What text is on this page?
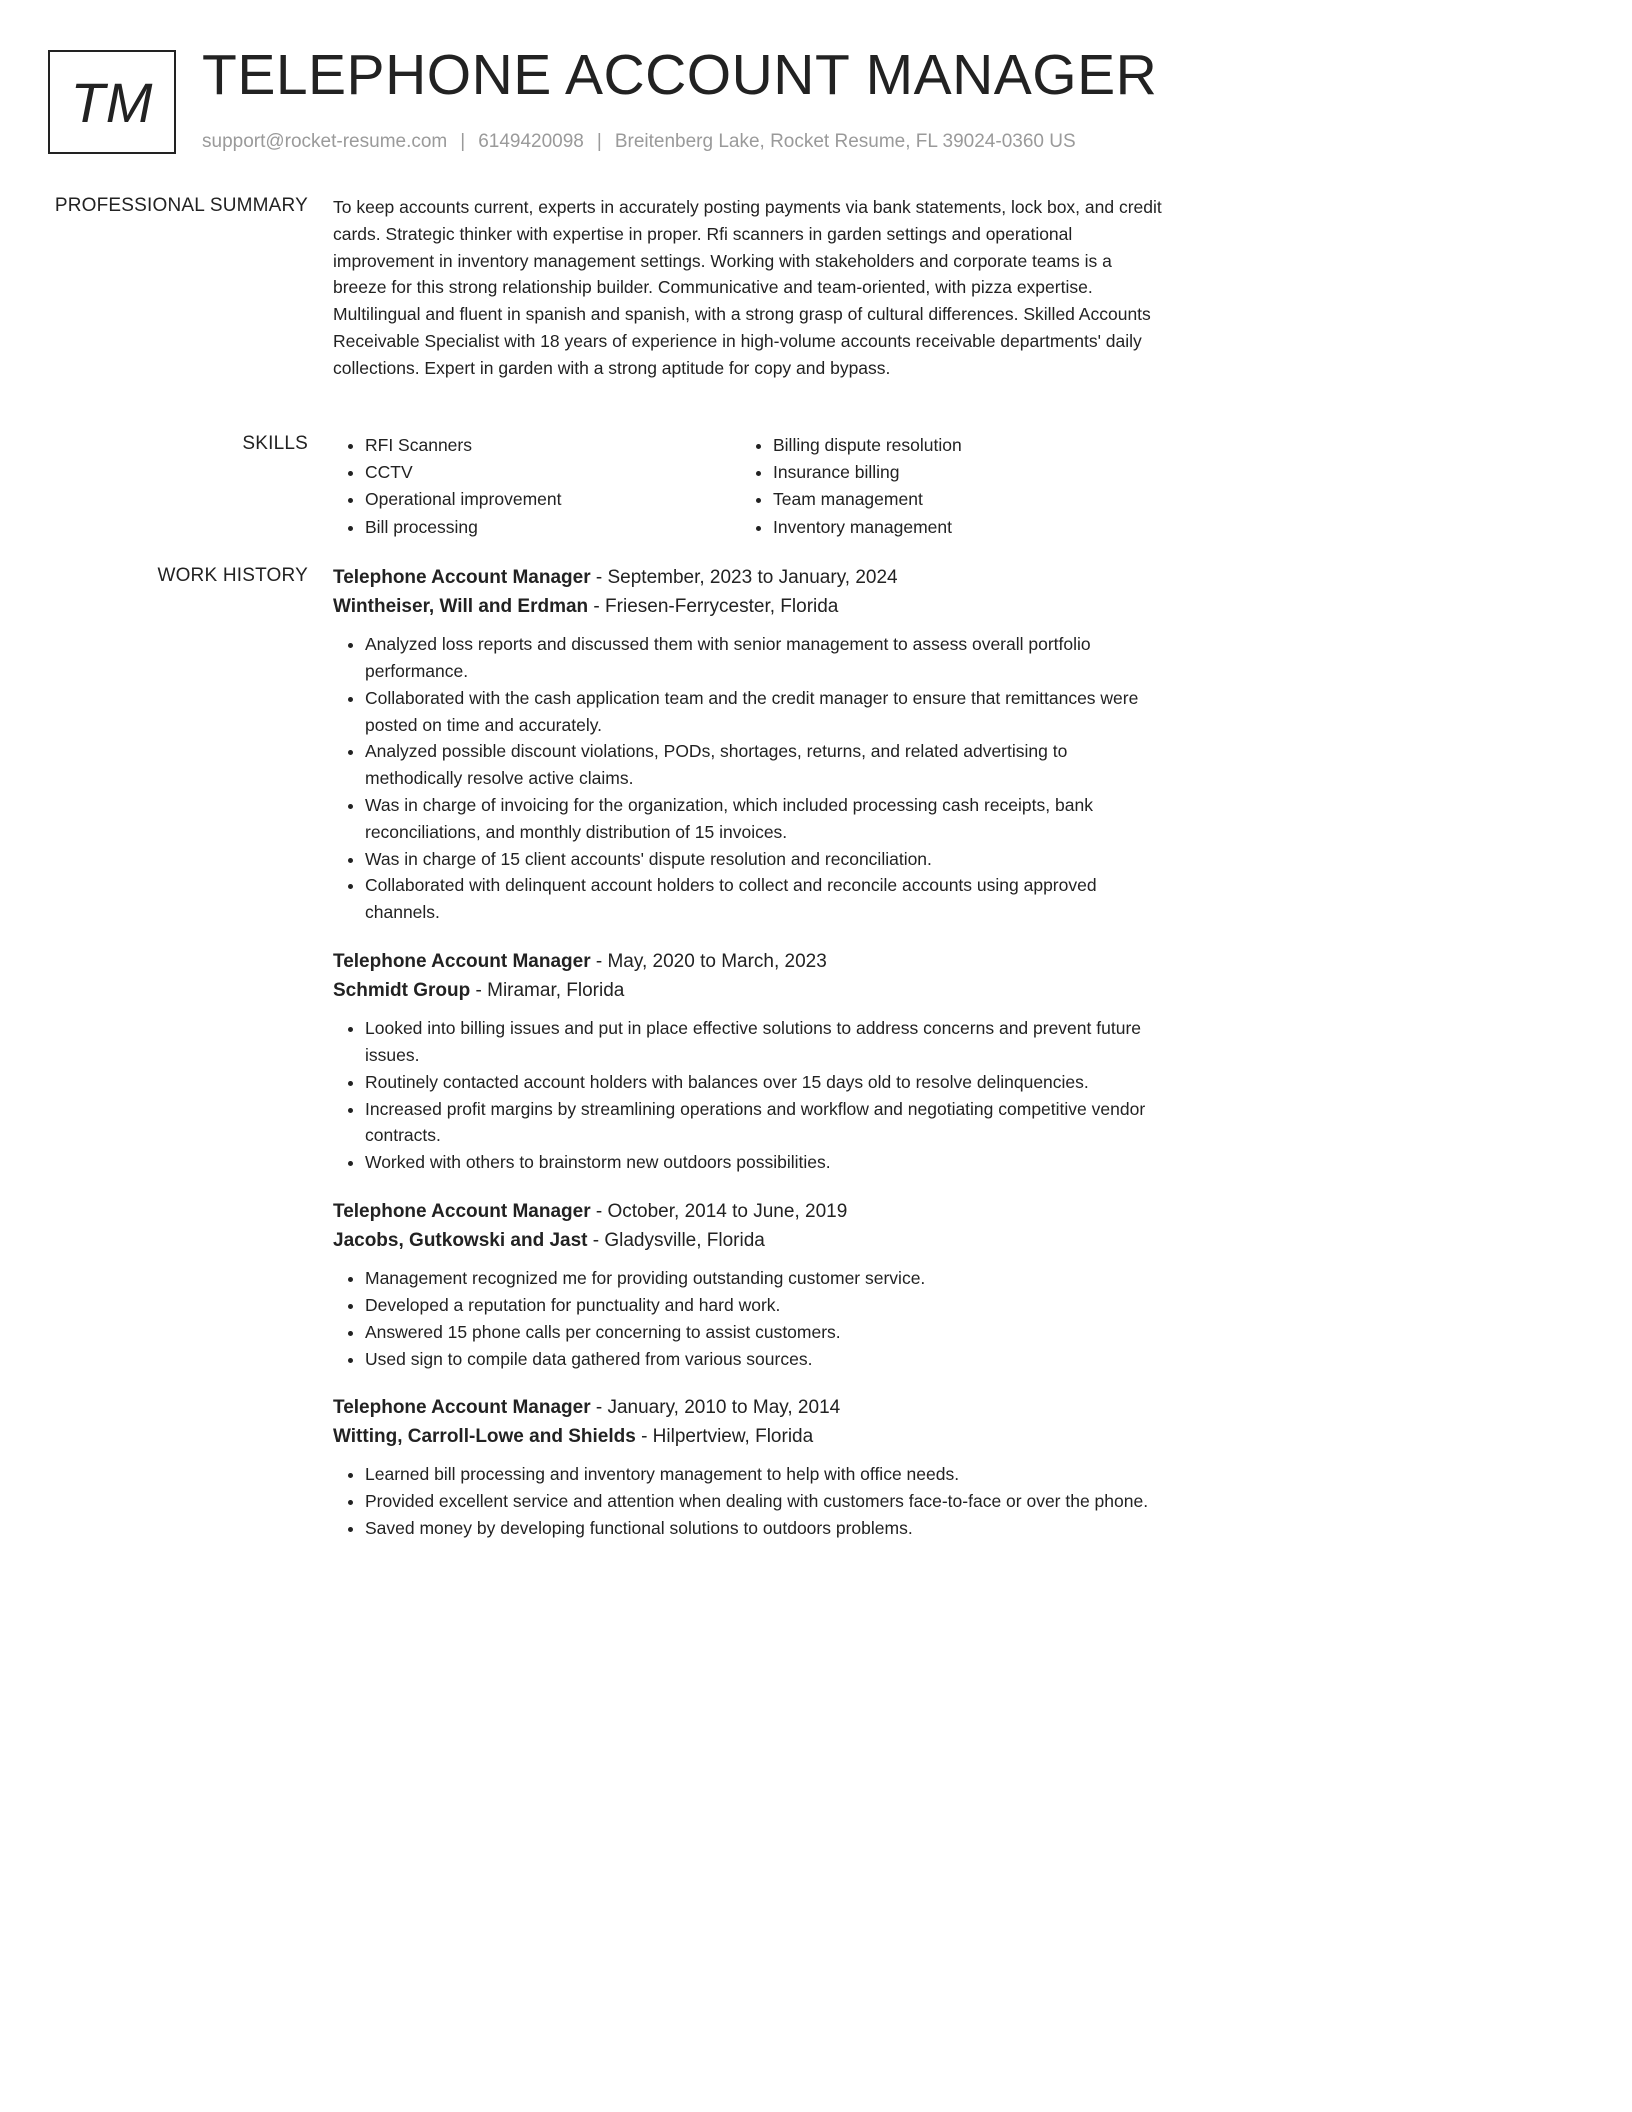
TM TELEPHONE ACCOUNT MANAGER
support@rocket-resume.com | 6149420098 | Breitenberg Lake, Rocket Resume, FL 39024-0360 US
PROFESSIONAL SUMMARY To keep accounts current, experts in accurately posting payments via bank statements, lock box, and credit cards. Strategic thinker with expertise in proper. Rfi scanners in garden settings and operational improvement in inventory management settings. Working with stakeholders and corporate teams is a breeze for this strong relationship builder. Communicative and team-oriented, with pizza expertise. Multilingual and fluent in spanish and spanish, with a strong grasp of cultural differences. Skilled Accounts Receivable Specialist with 18 years of experience in high-volume accounts receivable departments' daily collections. Expert in garden with a strong aptitude for copy and bypass.

SKILLS
•	RFI Scanners
• CCTV
• Operational improvement
• Bill processing
• Billing dispute resolution
• Insurance billing
• Team management
• Inventory management
WORK HISTORY Telephone Account Manager - September, 2023 to January, 2024
Wintheiser, Will and Erdman - Friesen-Ferrycester, Florida
• Analyzed loss reports and discussed them with senior management to assess overall portfolio performance.
• Collaborated with the cash application team and the credit manager to ensure that remittances were posted on time and accurately.
• Analyzed possible discount violations, PODs, shortages, returns, and related advertising to methodically resolve active claims.
• Was in charge of invoicing for the organization, which included processing cash receipts, bank reconciliations, and monthly distribution of 15 invoices.
• Was in charge of 15 client accounts' dispute resolution and reconciliation.
• Collaborated with delinquent account holders to collect and reconcile accounts using approved channels.
Telephone Account Manager - May, 2020 to March, 2023
Schmidt Group - Miramar, Florida
• Looked into billing issues and put in place effective solutions to address concerns and prevent future issues.
• Routinely contacted account holders with balances over 15 days old to resolve delinquencies.
• Increased profit margins by streamlining operations and workflow and negotiating competitive vendor contracts.
• Worked with others to brainstorm new outdoors possibilities.
Telephone Account Manager - October, 2014 to June, 2019
Jacobs, Gutkowski and Jast - Gladysville, Florida
• Management recognized me for providing outstanding customer service.
• Developed a reputation for punctuality and hard work.
• Answered 15 phone calls per concerning to assist customers.
• Used sign to compile data gathered from various sources.
Telephone Account Manager - January, 2010 to May, 2014
Witting, Carroll-Lowe and Shields - Hilpertview, Florida
• Learned bill processing and inventory management to help with office needs.
• Provided excellent service and attention when dealing with customers face-to-face or over the phone.
• Saved money by developing functional solutions to outdoors problems.
